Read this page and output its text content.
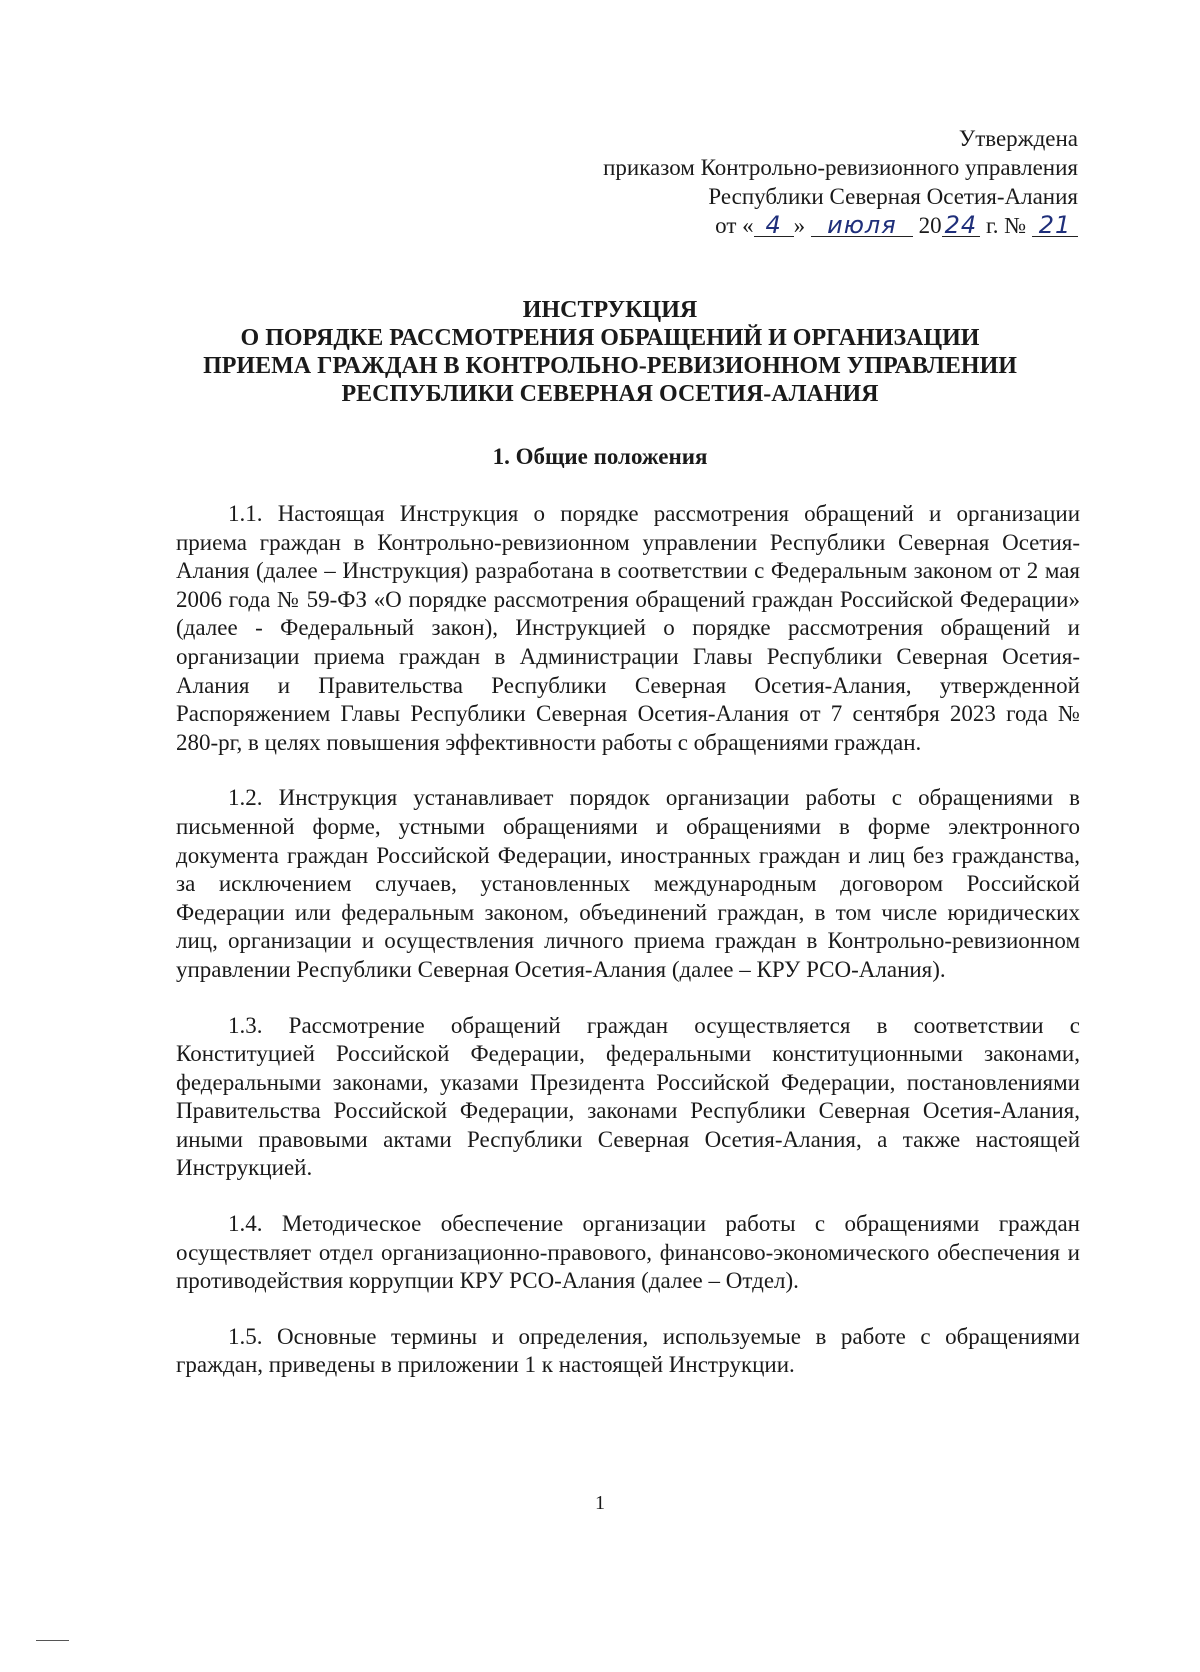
Утверждена
приказом Контрольно-ревизионного управления
Республики Северная Осетия-Алания
от « 4 » июля 20 24 г. № 21
ИНСТРУКЦИЯ
О ПОРЯДКЕ РАССМОТРЕНИЯ ОБРАЩЕНИЙ И ОРГАНИЗАЦИИ
ПРИЕМА ГРАЖДАН В КОНТРОЛЬНО-РЕВИЗИОННОМ УПРАВЛЕНИИ
РЕСПУБЛИКИ СЕВЕРНАЯ ОСЕТИЯ-АЛАНИЯ
1. Общие положения

1.1. Настоящая Инструкция о порядке рассмотрения обращений и организации приема граждан в Контрольно-ревизионном управлении Республики Северная Осетия-Алания (далее – Инструкция) разработана в соответствии с Федеральным законом от 2 мая 2006 года № 59-ФЗ «О порядке рассмотрения обращений граждан Российской Федерации» (далее - Федеральный закон), Инструкцией о порядке рассмотрения обращений и организации приема граждан в Администрации Главы Республики Северная Осетия-Алания и Правительства Республики Северная Осетия-Алания, утвержденной Распоряжением Главы Республики Северная Осетия-Алания от 7 сентября 2023 года № 280-рг, в целях повышения эффективности работы с обращениями граждан.

1.2. Инструкция устанавливает порядок организации работы с обращениями в письменной форме, устными обращениями и обращениями в форме электронного документа граждан Российской Федерации, иностранных граждан и лиц без гражданства, за исключением случаев, установленных международным договором Российской Федерации или федеральным законом, объединений граждан, в том числе юридических лиц, организации и осуществления личного приема граждан в Контрольно-ревизионном управлении Республики Северная Осетия-Алания (далее – КРУ РСО-Алания).

1.3. Рассмотрение обращений граждан осуществляется в соответствии с Конституцией Российской Федерации, федеральными конституционными законами, федеральными законами, указами Президента Российской Федерации, постановлениями Правительства Российской Федерации, законами Республики Северная Осетия-Алания, иными правовыми актами Республики Северная Осетия-Алания, а также настоящей Инструкцией.

1.4. Методическое обеспечение организации работы с обращениями граждан осуществляет отдел организационно-правового, финансово-экономического обеспечения и противодействия коррупции КРУ РСО-Алания (далее – Отдел).

1.5. Основные термины и определения, используемые в работе с обращениями граждан, приведены в приложении 1 к настоящей Инструкции.

1
